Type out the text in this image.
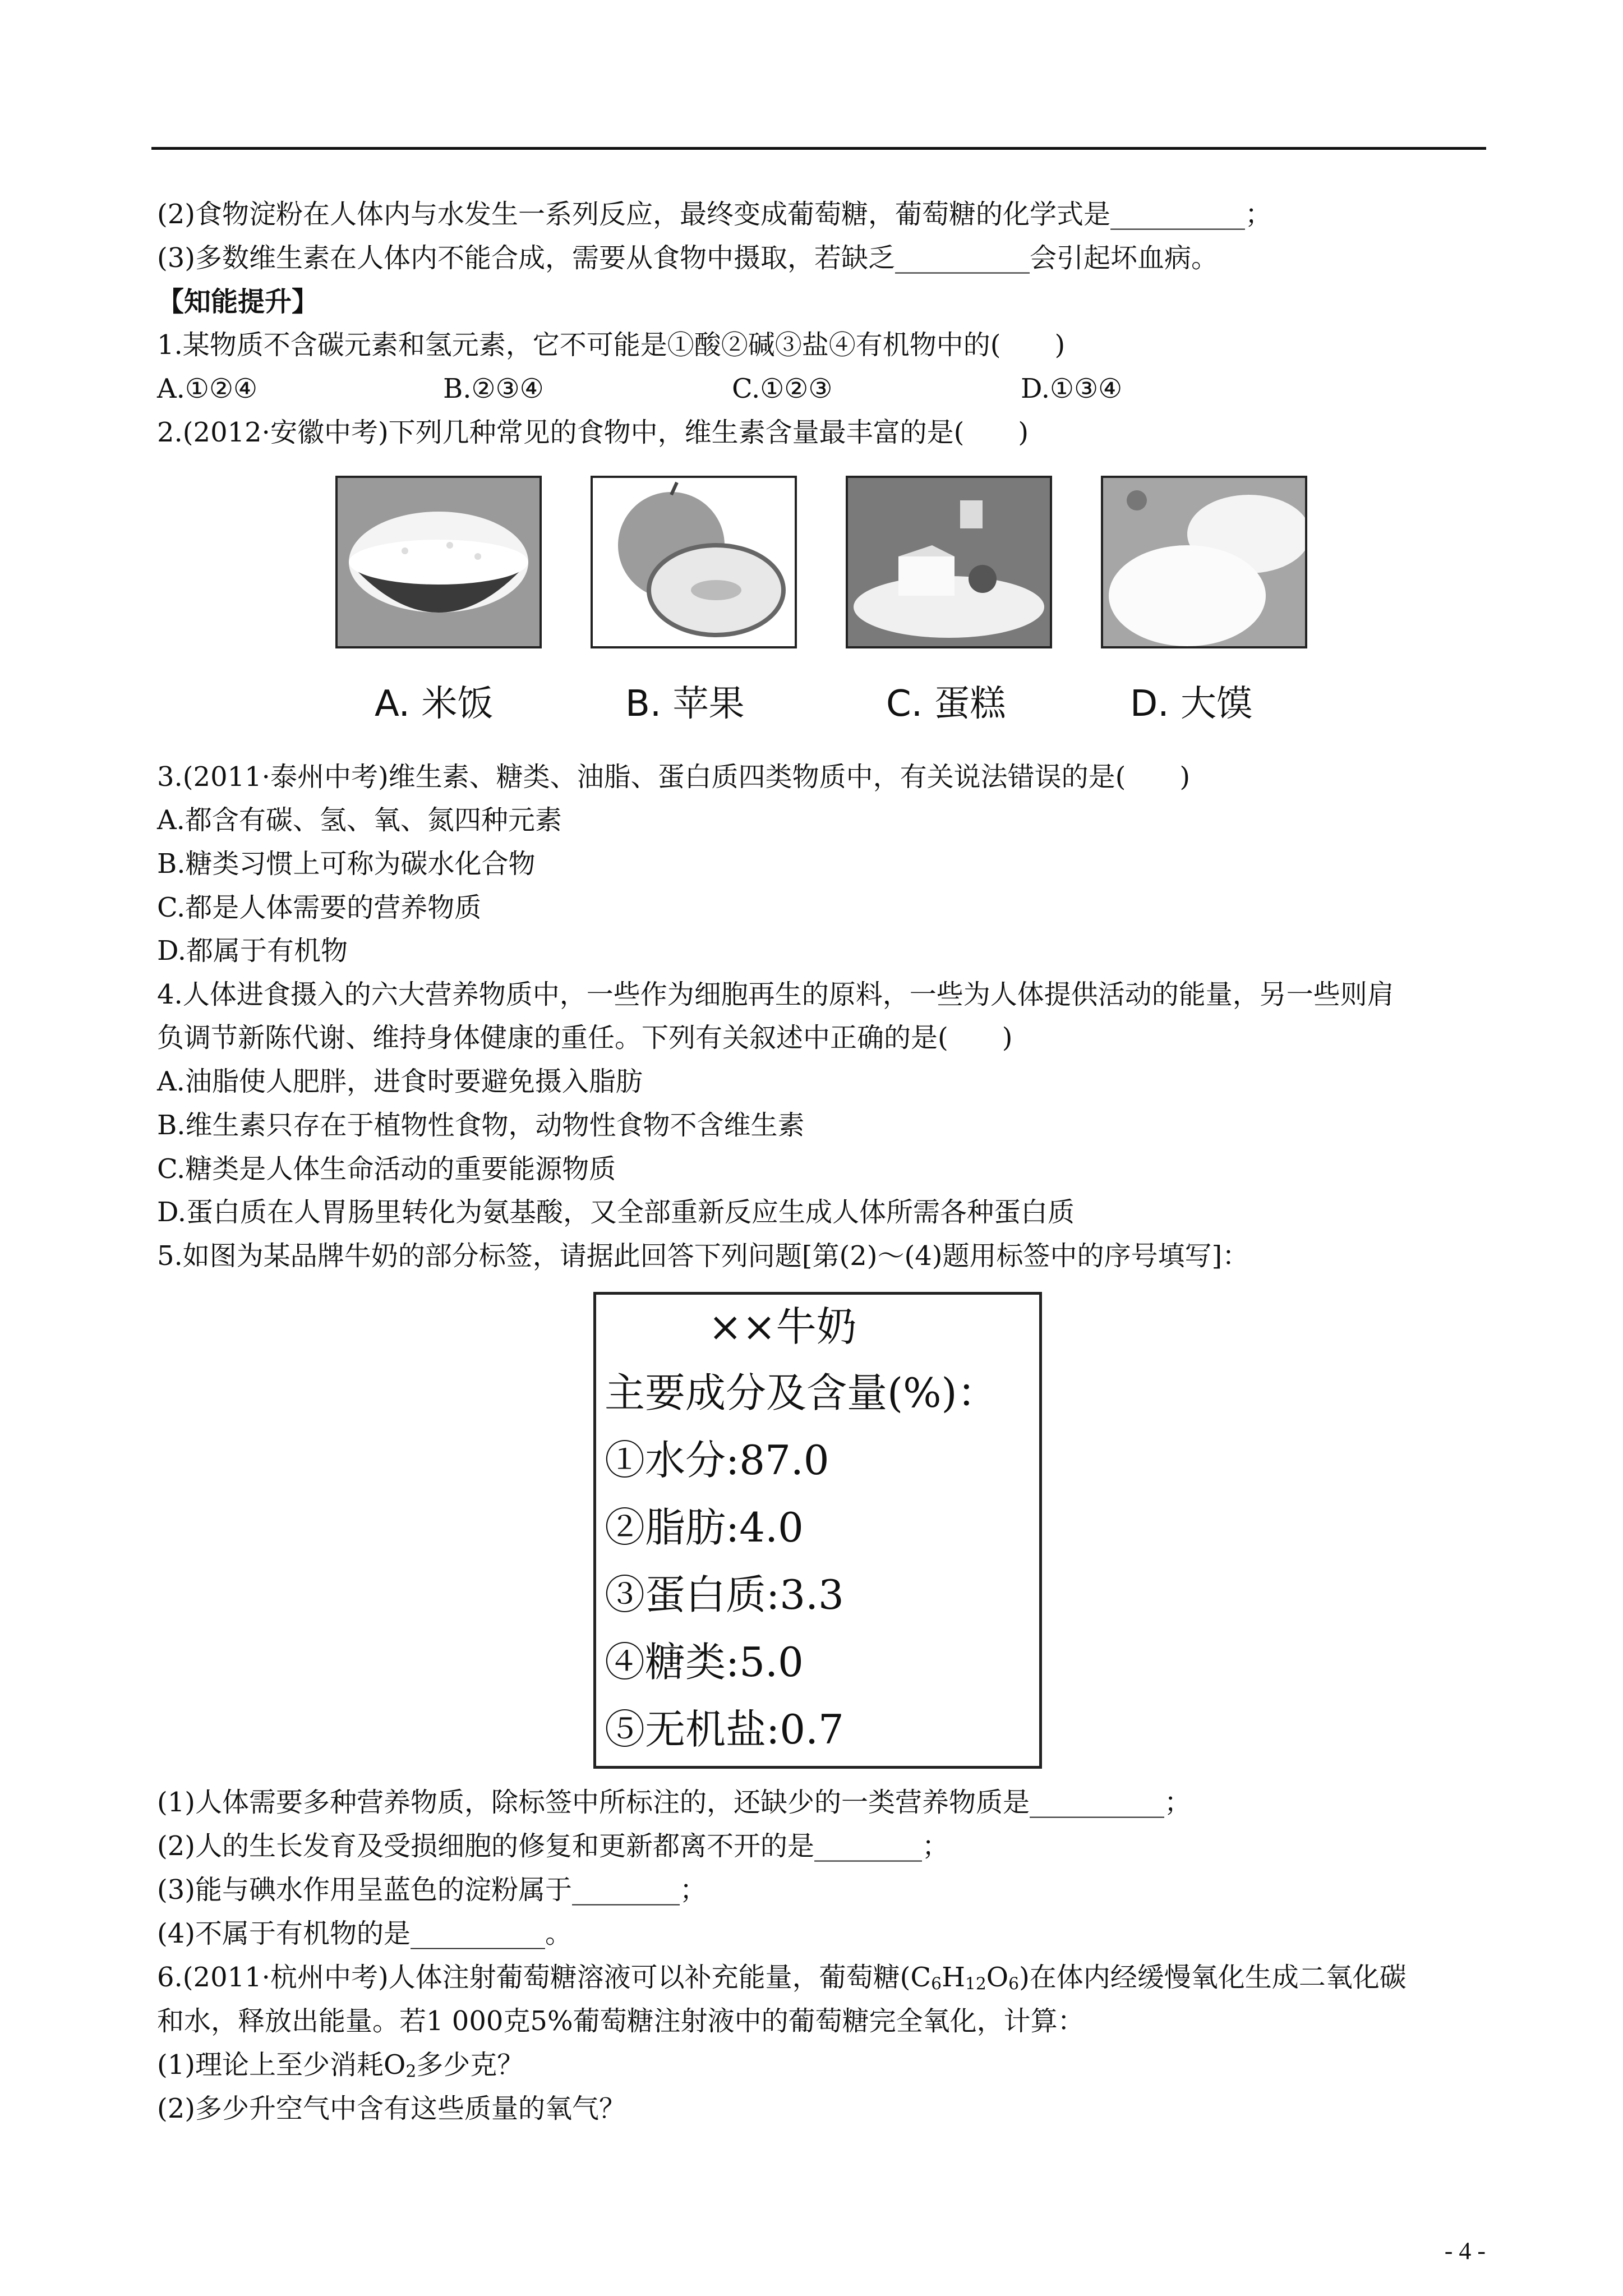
(2)食物淀粉在人体内与水发生一系列反应，最终变成葡萄糖，葡萄糖的化学式是__________；
(3)多数维生素在人体内不能合成，需要从食物中摄取，若缺乏__________会引起坏血病。
【知能提升】
1.某物质不含碳元素和氢元素，它不可能是①酸②碱③盐④有机物中的(　　)
A.①②④	B.②③④	C.①②③	D.①③④
2.(2012·安徽中考)下列几种常见的食物中，维生素含量最丰富的是(　　)
A. 米饭	B. 苹果	C. 蛋糕	D. 大馍
3.(2011·泰州中考)维生素、糖类、油脂、蛋白质四类物质中，有关说法错误的是(　　)
A.都含有碳、氢、氧、氮四种元素
B.糖类习惯上可称为碳水化合物
C.都是人体需要的营养物质
D.都属于有机物
4.人体进食摄入的六大营养物质中，一些作为细胞再生的原料，一些为人体提供活动的能量，另一些则肩
负调节新陈代谢、维持身体健康的重任。下列有关叙述中正确的是(　　)
A.油脂使人肥胖，进食时要避免摄入脂肪
B.维生素只存在于植物性食物，动物性食物不含维生素
C.糖类是人体生命活动的重要能源物质
D.蛋白质在人胃肠里转化为氨基酸，又全部重新反应生成人体所需各种蛋白质
5.如图为某品牌牛奶的部分标签，请据此回答下列问题[第(2)～(4)题用标签中的序号填写]：
××牛奶
主要成分及含量(%)：
①水分:87.0
②脂肪:4.0
③蛋白质:3.3
④糖类:5.0
⑤无机盐:0.7
(1)人体需要多种营养物质，除标签中所标注的，还缺少的一类营养物质是__________；
(2)人的生长发育及受损细胞的修复和更新都离不开的是________；
(3)能与碘水作用呈蓝色的淀粉属于________；
(4)不属于有机物的是__________。
6.(2011·杭州中考)人体注射葡萄糖溶液可以补充能量，葡萄糖$(C_6H_{12}O_6)$在体内经缓慢氧化生成二氧化碳
和水，释放出能量。若1 000克5%葡萄糖注射液中的葡萄糖完全氧化，计算：
(1)理论上至少消耗$O_2$多少克？
(2)多少升空气中含有这些质量的氧气？
- 4 -
